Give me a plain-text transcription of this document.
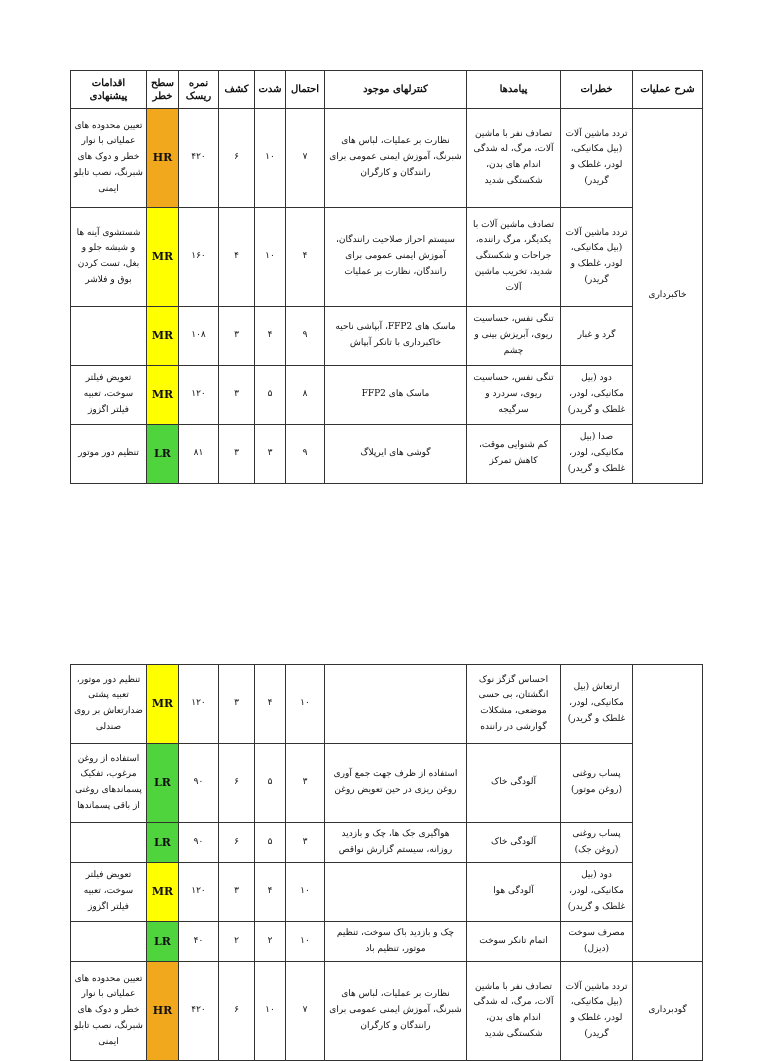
شرح عملیات	خطرات	پیامدها	کنترلهای موجود	احتمال	شدت	کشف	نمره ریسک	سطح خطر	اقدامات پیشنهادی
خاکبرداری	تردد ماشین آلات (بیل مکانیکی، لودر، غلطک و گریدر)	تصادف نفر با ماشین آلات، مرگ، له شدگی اندام های بدن، شکستگی شدید	نظارت بر عملیات، لباس های شبرنگ، آموزش ایمنی عمومی برای رانندگان و کارگران	۷	۱۰	۶	۴۲۰	HR	تعیین محدوده های عملیاتی با نوار خطر و دوک های شبرنگ، نصب تابلو ایمنی
	تردد ماشین آلات (بیل مکانیکی، لودر، غلطک و گریدر)	تصادف ماشین آلات با یکدیگر، مرگ راننده، جراحات و شکستگی شدید، تخریب ماشین آلات	سیستم احراز صلاحیت رانندگان، آموزش ایمنی عمومی برای رانندگان، نظارت بر عملیات	۴	۱۰	۴	۱۶۰	MR	شستشوی آینه ها و شیشه جلو و بغل، تست کردن بوق و فلاشر
	گرد و غبار	تنگی نفس، حساسیت ریوی، آبریزش بینی و چشم	ماسک های FFP2، آبپاشی ناحیه خاکبرداری با تانکر آبپاش	۹	۴	۳	۱۰۸	MR	
	دود (بیل مکانیکی، لودر، غلطک و گریدر)	تنگی نفس، حساسیت ریوی، سردرد و سرگیجه	ماسک های FFP2	۸	۵	۳	۱۲۰	MR	تعویض فیلتر سوخت، تعبیه فیلتر اگزوز
	صدا (بیل مکانیکی، لودر، غلطک و گریدر)	کم شنوایی موقت، کاهش تمرکز	گوشی های ایرپلاگ	۹	۳	۳	۸۱	LR	تنظیم دور موتور
	ارتعاش (بیل مکانیکی، لودر، غلطک و گریدر)	احساس گزگز نوک انگشتان، بی حسی موضعی، مشکلات گوارشی در راننده		۱۰	۴	۳	۱۲۰	MR	تنظیم دور موتور، تعبیه پشتی ضدارتعاش بر روی صندلی
	پساب روغنی (روغن موتور)	آلودگی خاک	استفاده از ظرف جهت جمع آوری روغن ریزی در حین تعویض روغن	۳	۵	۶	۹۰	LR	استفاده از روغن مرغوب، تفکیک پسماندهای روغنی از باقی پسماندها
	پساب روغنی (روغن جک)	آلودگی خاک	هواگیری جک ها، چک و بازدید روزانه، سیستم گزارش نواقص	۳	۵	۶	۹۰	LR	
	دود (بیل مکانیکی، لودر، غلطک و گریدر)	آلودگی هوا		۱۰	۴	۳	۱۲۰	MR	تعویض فیلتر سوخت، تعبیه فیلتر اگزوز
	مصرف سوخت (دیزل)	اتمام تانکر سوخت	چک و بازدید باک سوخت، تنظیم موتور، تنظیم باد	۱۰	۲	۲	۴۰	LR	
گودبرداری	تردد ماشین آلات (بیل مکانیکی، لودر، غلطک و گریدر)	تصادف نفر با ماشین آلات، مرگ، له شدگی اندام های بدن، شکستگی شدید	نظارت بر عملیات، لباس های شبرنگ، آموزش ایمنی عمومی برای رانندگان و کارگران	۷	۱۰	۶	۴۲۰	HR	تعیین محدوده های عملیاتی با نوار خطر و دوک های شبرنگ، نصب تابلو ایمنی
